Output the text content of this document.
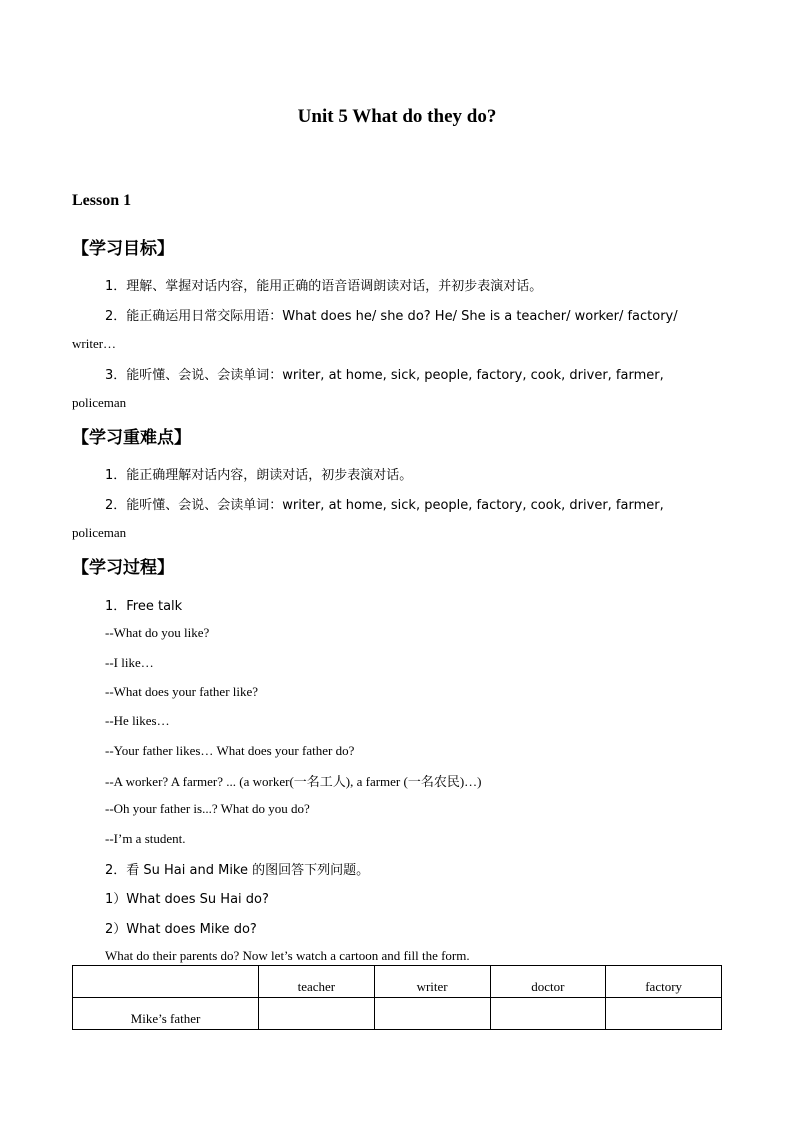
Unit 5 What do they do?
Lesson 1
【学习目标】
1．理解、掌握对话内容，能用正确的语音语调朗读对话，并初步表演对话。
2．能正确运用日常交际用语：What does he/ she do? He/ She is a teacher/ worker/ factory/
writer…
3．能听懂、会说、会读单词：writer, at home, sick, people, factory, cook, driver, farmer,
policeman
【学习重难点】
1．能正确理解对话内容，朗读对话，初步表演对话。
2．能听懂、会说、会读单词：writer, at home, sick, people, factory, cook, driver, farmer,
policeman
【学习过程】
1．Free talk
--What do you like?
--I like…
--What does your father like?
--He likes…
--Your father likes… What does your father do?
--A worker? A farmer? ... (a worker(一名工人), a farmer (一名农民)…)
--Oh your father is...? What do you do?
--I’m a student.
2．看 Su Hai and Mike 的图回答下列问题。
1）What does Su Hai do?
2）What does Mike do?
What do their parents do? Now let’s watch a cartoon and fill the form.
	teacher	writer	doctor	factory
Mike’s father				
